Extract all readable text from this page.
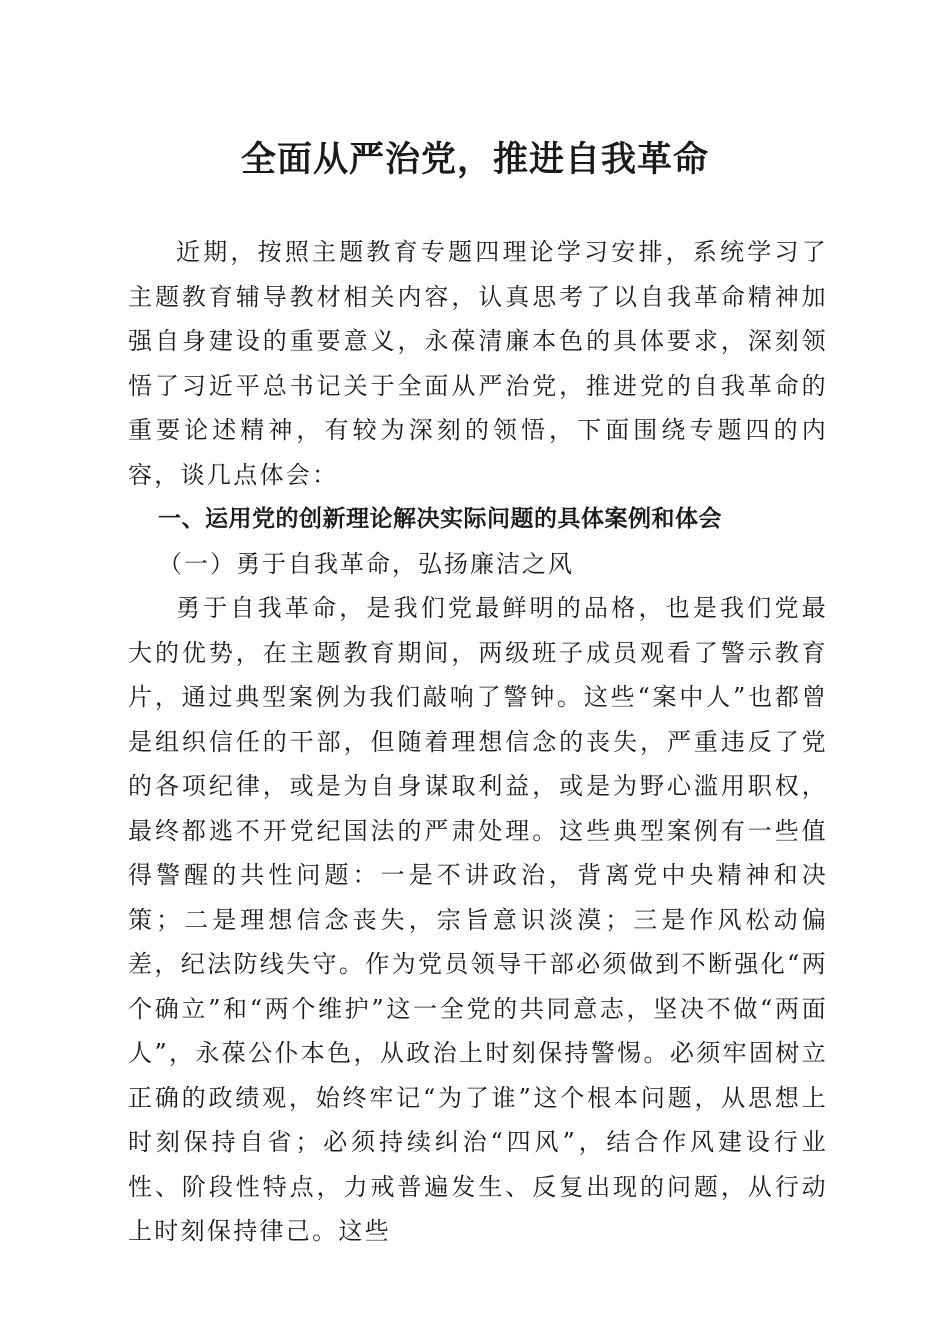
全面从严治党，推进自我革命

近期，按照主题教育专题四理论学习安排，系统学习了主题教育辅导教材相关内容，认真思考了以自我革命精神加强自身建设的重要意义，永葆清廉本色的具体要求，深刻领悟了习近平总书记关于全面从严治党，推进党的自我革命的重要论述精神，有较为深刻的领悟，下面围绕专题四的内容，谈几点体会：

一、运用党的创新理论解决实际问题的具体案例和体会
（一）勇于自我革命，弘扬廉洁之风

勇于自我革命，是我们党最鲜明的品格，也是我们党最大的优势，在主题教育期间，两级班子成员观看了警示教育片，通过典型案例为我们敲响了警钟。这些“案中人”也都曾是组织信任的干部，但随着理想信念的丧失，严重违反了党的各项纪律，或是为自身谋取利益，或是为野心滥用职权，最终都逃不开党纪国法的严肃处理。这些典型案例有一些值得警醒的共性问题：一是不讲政治，背离党中央精神和决策；二是理想信念丧失，宗旨意识淡漠；三是作风松动偏差，纪法防线失守。作为党员领导干部必须做到不断强化“两个确立”和“两个维护”这一全党的共同意志，坚决不做“两面人”，永葆公仆本色，从政治上时刻保持警惕。必须牢固树立正确的政绩观，始终牢记“为了谁”这个根本问题，从思想上时刻保持自省；必须持续纠治“四风”，结合作风建设行业性、阶段性特点，力戒普遍发生、反复出现的问题，从行动上时刻保持律己。这些
